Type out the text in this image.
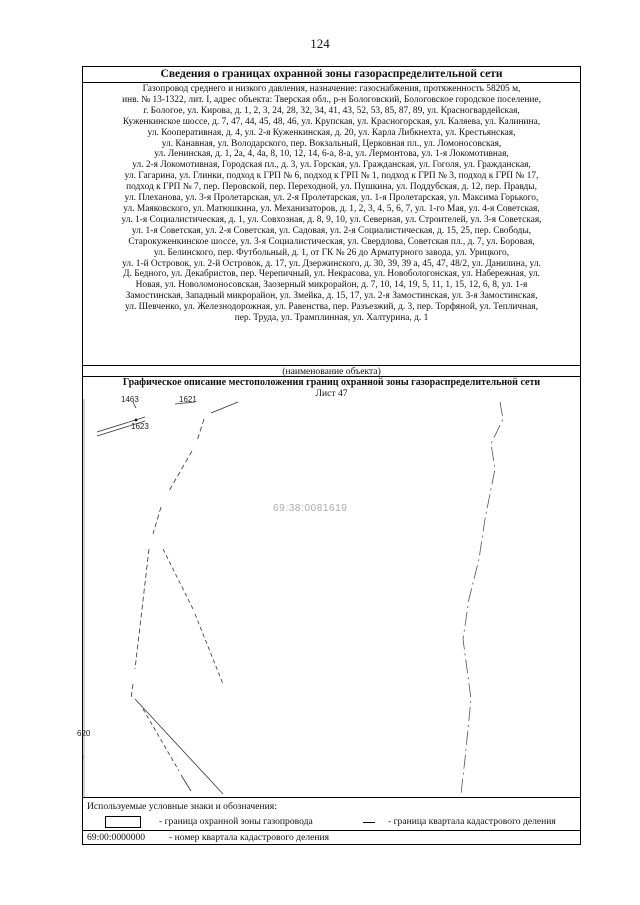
124
Сведения о границах охранной зоны газораспределительной сети
Газопровод среднего и низкого давления, назначение: газоснабжения, протяженность 58205 м,
инв. № 13-1322, лит. I, адрес объекта: Тверская обл., р-н Бологовский, Бологовское городское поселение,
г. Бологое, ул. Кирова, д. 1, 2, 3, 24, 28, 32, 34, 41, 43, 52, 53, 85, 87, 89, ул. Красногвардейская,
Куженкинское шоссе, д. 7, 47, 44, 45, 48, 46, ул. Крупская, ул. Красногорская, ул. Каляева, ул. Калинина,
ул. Кооперативная, д. 4, ул. 2-я Куженкинская, д. 20, ул. Карла Либкнехта, ул. Крестьянская,
ул. Канавная, ул. Володарского, пер. Вокзальный, Церковная пл., ул. Ломоносовская,
ул. Ленинская, д. 1, 2а, 4, 4а, 8, 10, 12, 14, 6-а, 8-а, ул. Лермонтова, ул. 1-я Локомотивная,
ул. 2-я Локомотивная, Городская пл., д. 3, ул. Горская, ул. Гражданская, ул. Гоголя, ул. Гражданская,
ул. Гагарина, ул. Глинки, подход к ГРП № 6, подход к ГРП № 1, подход к ГРП № 3, подход к ГРП № 17,
подход к ГРП № 7, пер. Перовской, пер. Переходной, ул. Пушкина, ул. Поддубская, д. 12, пер. Правды,
ул. Плеханова, ул. 3-я Пролетарская, ул. 2-я Пролетарская, ул. 1-я Пролетарская, ул. Максима Горького,
ул. Маяковского, ул. Матюшкина, ул. Механизаторов, д. 1, 2, 3, 4, 5, 6, 7, ул. 1-го Мая, ул. 4-я Советская,
ул. 1-я Социалистическая, д. 1, ул. Совхозная, д. 8, 9, 10, ул. Северная, ул. Строителей, ул. 3-я Советская,
ул. 1-я Советская, ул. 2-я Советская, ул. Садовая, ул. 2-я Социалистическая, д. 15, 25, пер. Свободы,
Старокуженкинское шоссе, ул. 3-я Социалистическая, ул. Свердлова, Советская пл., д. 7, ул. Боровая,
ул. Белинского, пер. Футбольный, д. 1, от ГК № 26 до Арматурного завода, ул. Урицкого,
ул. 1-й Островок, ул. 2-й Островок, д. 17, ул. Дзержинского, д. 30, 39, 39 а, 45, 47, 48/2, ул. Данилина, ул.
Д. Бедного, ул. Декабристов, пер. Черепичный, ул. Некрасова, ул. Новобологонская, ул. Набережная, ул.
Новая, ул. Новоломоносовская, Заозерный микрорайон, д. 7, 10, 14, 19, 5, 11, 1, 15, 12, 6, 8, ул. 1-я
Замостинская, Западный микрорайон, ул. Змейка, д. 15, 17, ул. 2-я Замостинская, ул. 3-я Замостинская,
ул. Шевченко, ул. Железнодорожная, ул. Равенства, пер. Разъезжий, д. 3, пер. Торфяной, ул. Тепличная,
пер. Труда, ул. Трамплинная, ул. Халтурина, д. 1
(наименование объекта)
Графическое описание местоположения границ охранной зоны газораспределительной сети
Лист 47
1463	1621
1623
620
69:38:0081619
Используемые условные знаки и обозначения:
- граница охранной зоны газопровода	- граница квартала кадастрового деления
69:00:0000000 - номер квартала кадастрового деления
